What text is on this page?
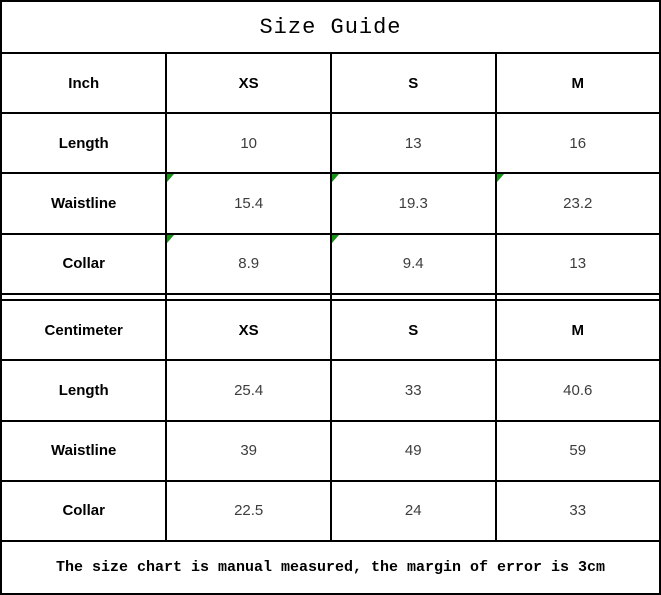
Size Guide			
Inch	XS	S	M
Length	10	13	16
Waistline	15.4	19.3	23.2
Collar	8.9	9.4	13

Centimeter	XS	S	M
Length	25.4	33	40.6
Waistline	39	49	59
Collar	22.5	24	33
The size chart is manual measured, the margin of error is 3cm			
